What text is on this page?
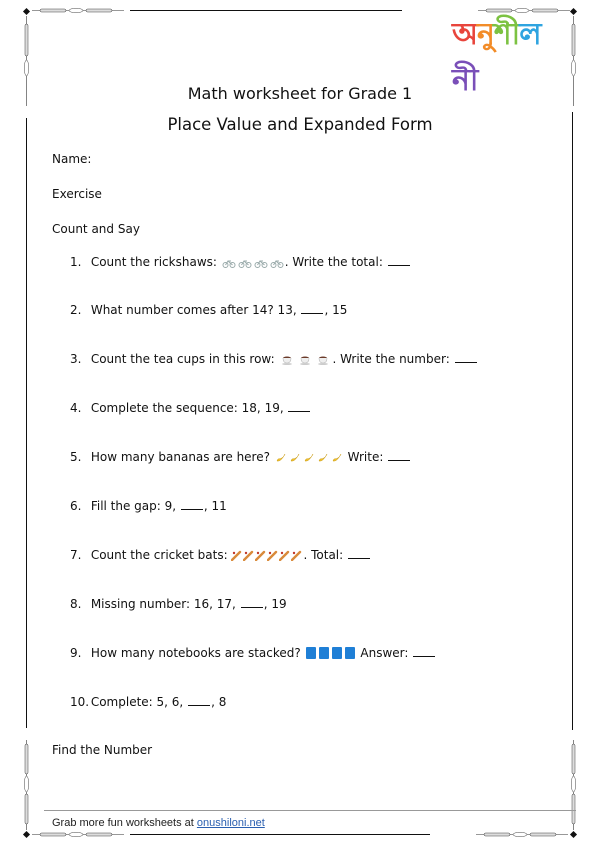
অনুশীলনী
Math worksheet for Grade 1
Place Value and Expanded Form
Name:
Exercise
Count and Say
1. Count the rickshaws:	. Write the total:
2. What number comes after 14? 13, , 15
3. Count the tea cups in this row:	. Write the number:
4. Complete the sequence: 18, 19,
5. How many bananas are here?	Write:
6. Fill the gap: 9, , 11
7. Count the cricket bats:	. Total:
8. Missing number: 16, 17, , 19
9. How many notebooks are stacked?	Answer:
10. Complete: 5, 6, , 8
Find the Number
Grab more fun worksheets at onushiloni.net
